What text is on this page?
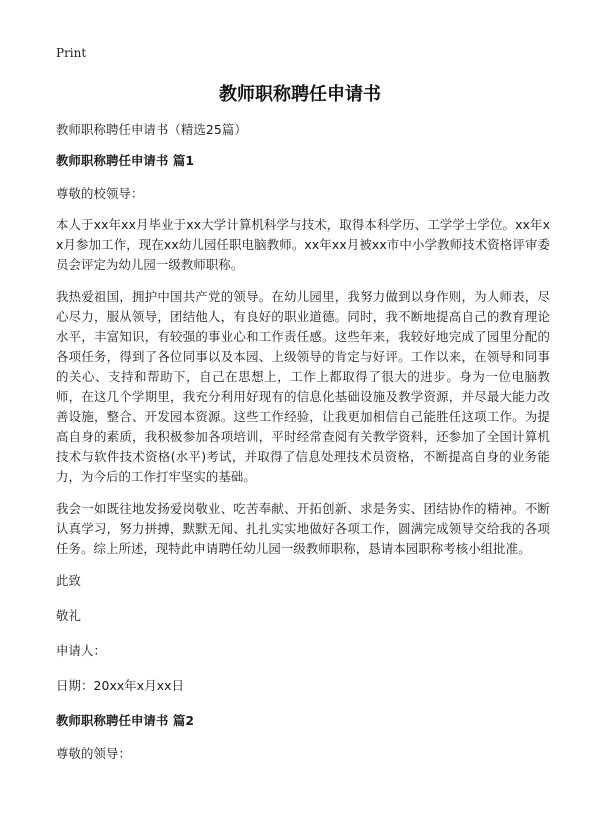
Print
教师职称聘任申请书

教师职称聘任申请书（精选25篇）

教师职称聘任申请书 篇1

尊敬的校领导：

本人于xx年xx月毕业于xx大学计算机科学与技术，取得本科学历、工学学士学位。xx年xx月参加工作，现在xx幼儿园任职电脑教师。xx年xx月被xx市中小学教师技术资格评审委员会评定为幼儿园一级教师职称。

我热爱祖国，拥护中国共产党的领导。在幼儿园里，我努力做到以身作则，为人师表，尽心尽力，服从领导，团结他人，有良好的职业道德。同时，我不断地提高自己的教育理论水平，丰富知识，有较强的事业心和工作责任感。这些年来，我较好地完成了园里分配的各项任务，得到了各位同事以及本园、上级领导的肯定与好评。工作以来，在领导和同事的关心、支持和帮助下，自己在思想上，工作上都取得了很大的进步。身为一位电脑教师，在这几个学期里，我充分利用好现有的信息化基础设施及教学资源，并尽最大能力改善设施，整合、开发园本资源。这些工作经验，让我更加相信自己能胜任这项工作。为提高自身的素质，我积极参加各项培训，平时经常查阅有关教学资料，还参加了全国计算机技术与软件技术资格(水平)考试，并取得了信息处理技术员资格，不断提高自身的业务能力，为今后的工作打牢坚实的基础。

我会一如既往地发扬爱岗敬业、吃苦奉献、开拓创新、求是务实、团结协作的精神。不断认真学习，努力拼搏，默默无闻、扎扎实实地做好各项工作，圆满完成领导交给我的各项任务。综上所述，现特此申请聘任幼儿园一级教师职称，恳请本园职称考核小组批准。

此致

敬礼

申请人：

日期：20xx年x月xx日

教师职称聘任申请书 篇2

尊敬的领导：
